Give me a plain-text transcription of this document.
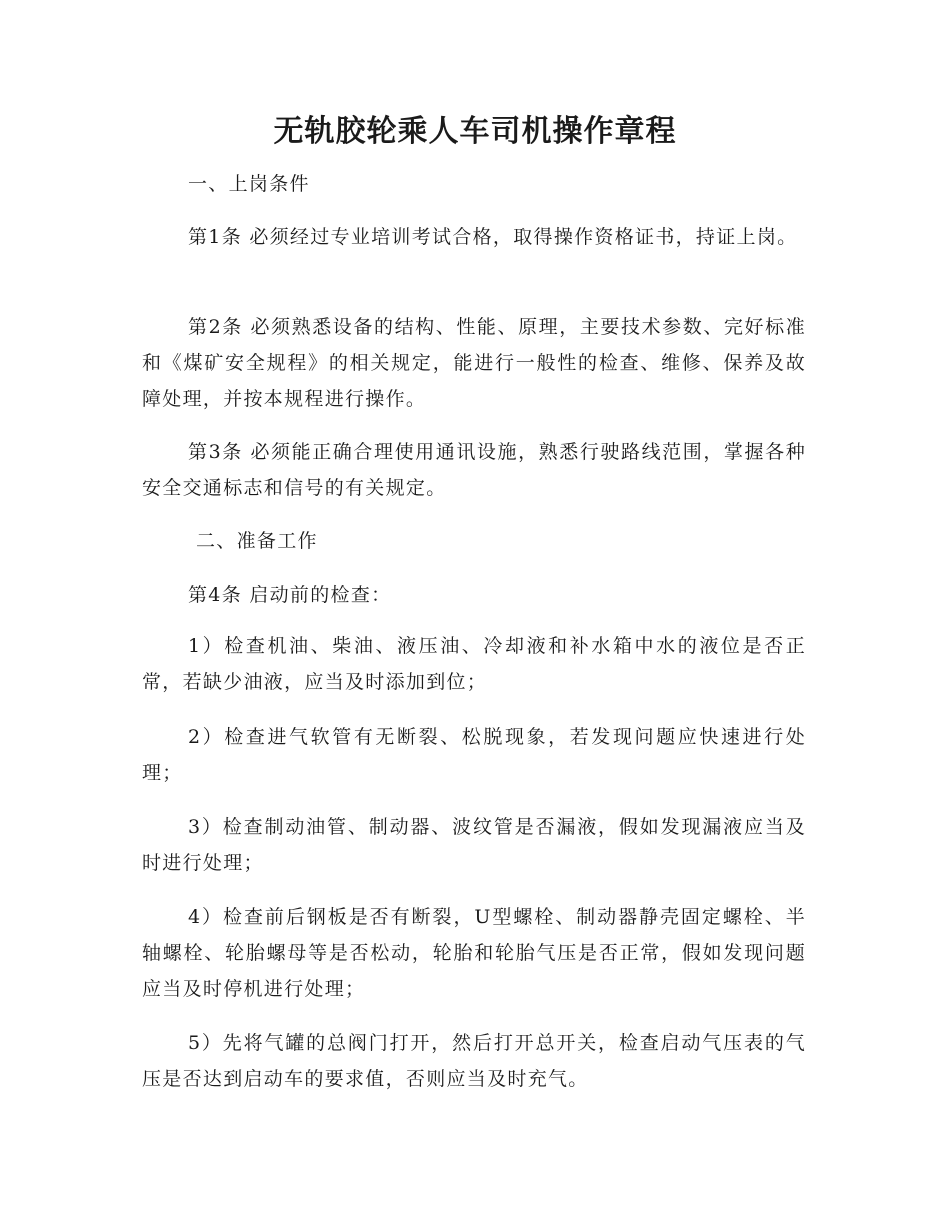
无轨胶轮乘人车司机操作章程

一、上岗条件

第1条 必须经过专业培训考试合格，取得操作资格证书，持证上岗。

第2条 必须熟悉设备的结构、性能、原理，主要技术参数、完好标准和《煤矿安全规程》的相关规定，能进行一般性的检查、维修、保养及故障处理，并按本规程进行操作。

第3条 必须能正确合理使用通讯设施，熟悉行驶路线范围，掌握各种安全交通标志和信号的有关规定。

二、准备工作

第4条 启动前的检查：

1）检查机油、柴油、液压油、冷却液和补水箱中水的液位是否正常，若缺少油液，应当及时添加到位；

2）检查进气软管有无断裂、松脱现象，若发现问题应快速进行处理；

3）检查制动油管、制动器、波纹管是否漏液，假如发现漏液应当及时进行处理；

4）检查前后钢板是否有断裂，U型螺栓、制动器静壳固定螺栓、半轴螺栓、轮胎螺母等是否松动，轮胎和轮胎气压是否正常，假如发现问题应当及时停机进行处理；

5）先将气罐的总阀门打开，然后打开总开关，检查启动气压表的气压是否达到启动车的要求值，否则应当及时充气。
